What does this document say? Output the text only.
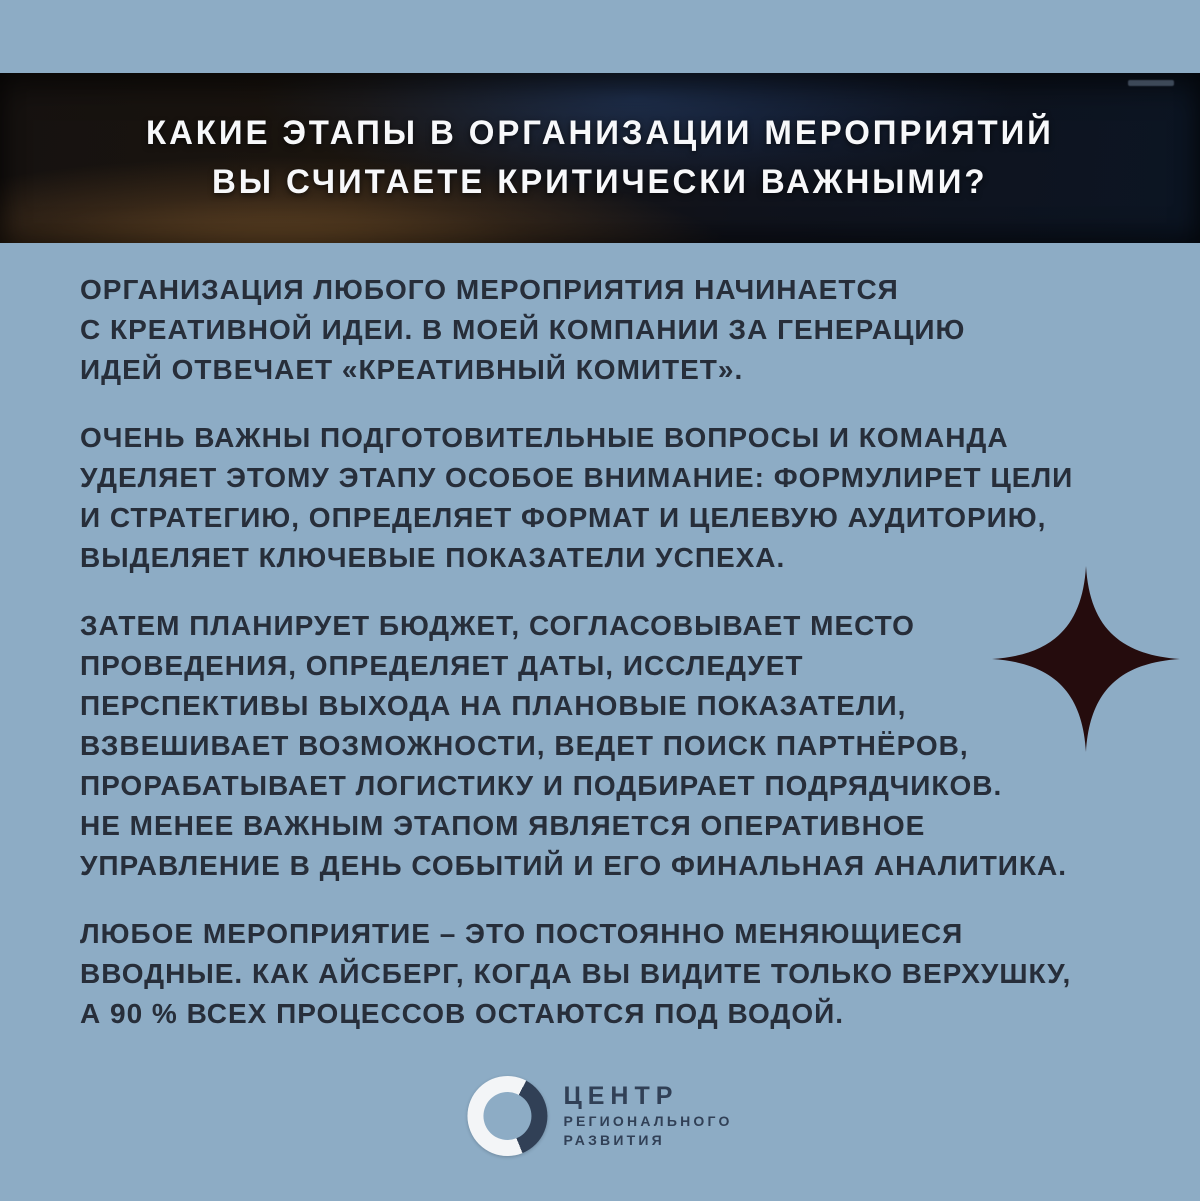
КАКИЕ ЭТАПЫ В ОРГАНИЗАЦИИ МЕРОПРИЯТИЙ
ВЫ СЧИТАЕТЕ КРИТИЧЕСКИ ВАЖНЫМИ?
ОРГАНИЗАЦИЯ ЛЮБОГО МЕРОПРИЯТИЯ НАЧИНАЕТСЯ
С КРЕАТИВНОЙ ИДЕИ. В МОЕЙ КОМПАНИИ ЗА ГЕНЕРАЦИЮ
ИДЕЙ ОТВЕЧАЕТ «КРЕАТИВНЫЙ КОМИТЕТ».
ОЧЕНЬ ВАЖНЫ ПОДГОТОВИТЕЛЬНЫЕ ВОПРОСЫ И КОМАНДА
УДЕЛЯЕТ ЭТОМУ ЭТАПУ ОСОБОЕ ВНИМАНИЕ: ФОРМУЛИРЕТ ЦЕЛИ
И СТРАТЕГИЮ, ОПРЕДЕЛЯЕТ ФОРМАТ И ЦЕЛЕВУЮ АУДИТОРИЮ,
ВЫДЕЛЯЕТ КЛЮЧЕВЫЕ ПОКАЗАТЕЛИ УСПЕХА.
ЗАТЕМ ПЛАНИРУЕТ БЮДЖЕТ, СОГЛАСОВЫВАЕТ МЕСТО
ПРОВЕДЕНИЯ, ОПРЕДЕЛЯЕТ ДАТЫ, ИССЛЕДУЕТ
ПЕРСПЕКТИВЫ ВЫХОДА НА ПЛАНОВЫЕ ПОКАЗАТЕЛИ,
ВЗВЕШИВАЕТ ВОЗМОЖНОСТИ, ВЕДЕТ ПОИСК ПАРТНЁРОВ,
ПРОРАБАТЫВАЕТ ЛОГИСТИКУ И ПОДБИРАЕТ ПОДРЯДЧИКОВ.
НЕ МЕНЕЕ ВАЖНЫМ ЭТАПОМ ЯВЛЯЕТСЯ ОПЕРАТИВНОЕ
УПРАВЛЕНИЕ В ДЕНЬ СОБЫТИЙ И ЕГО ФИНАЛЬНАЯ АНАЛИТИКА.
ЛЮБОЕ МЕРОПРИЯТИЕ – ЭТО ПОСТОЯННО МЕНЯЮЩИЕСЯ
ВВОДНЫЕ. КАК АЙСБЕРГ, КОГДА ВЫ ВИДИТЕ ТОЛЬКО ВЕРХУШКУ,
А 90 % ВСЕХ ПРОЦЕССОВ ОСТАЮТСЯ ПОД ВОДОЙ.
ЦЕНТР
РЕГИОНАЛЬНОГО
РАЗВИТИЯ
